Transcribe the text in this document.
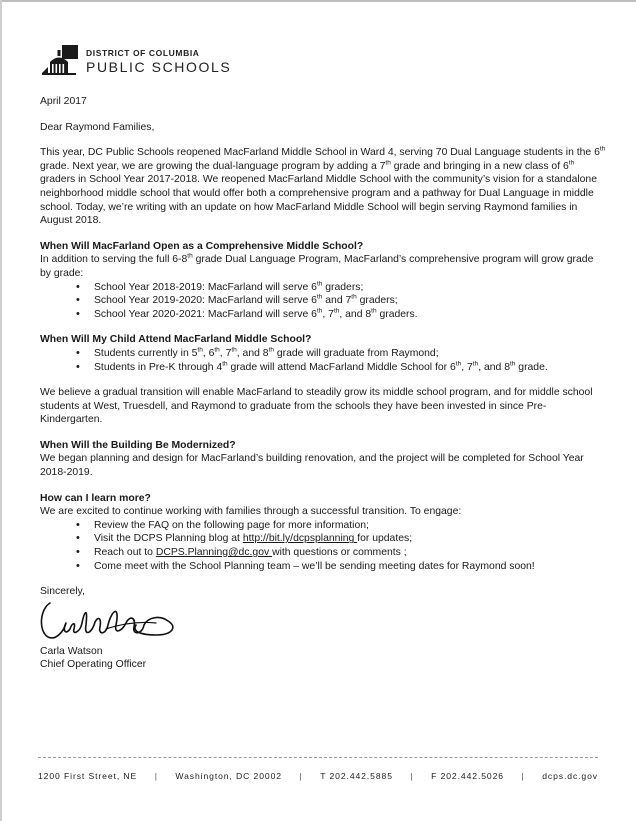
DISTRICT OF COLUMBIA
PUBLIC SCHOOLS

April 2017

Dear Raymond Families,

This year, DC Public Schools reopened MacFarland Middle School in Ward 4, serving 70 Dual Language students in the 6th grade. Next year, we are growing the dual-language program by adding a 7th grade and bringing in a new class of 6th graders in School Year 2017-2018. We reopened MacFarland Middle School with the community’s vision for a standalone neighborhood middle school that would offer both a comprehensive program and a pathway for Dual Language in middle school. Today, we’re writing with an update on how MacFarland Middle School will begin serving Raymond families in August 2018.

When Will MacFarland Open as a Comprehensive Middle School?

In addition to serving the full 6-8th grade Dual Language Program, MacFarland’s comprehensive program will grow grade by grade:

• School Year 2018-2019: MacFarland will serve 6th graders;
• School Year 2019-2020: MacFarland will serve 6th and 7th graders;
• School Year 2020-2021: MacFarland will serve 6th, 7th, and 8th graders.

When Will My Child Attend MacFarland Middle School?

• Students currently in 5th, 6th, 7th, and 8th grade will graduate from Raymond;
• Students in Pre-K through 4th grade will attend MacFarland Middle School for 6th, 7th, and 8th grade.

We believe a gradual transition will enable MacFarland to steadily grow its middle school program, and for middle school students at West, Truesdell, and Raymond to graduate from the schools they have been invested in since Pre-Kindergarten.

When Will the Building Be Modernized?

We began planning and design for MacFarland’s building renovation, and the project will be completed for School Year 2018-2019.

How can I learn more?

We are excited to continue working with families through a successful transition. To engage:

• Review the FAQ on the following page for more information;
• Visit the DCPS Planning blog at http://bit.ly/dcpsplanning for updates;
• Reach out to DCPS.Planning@dc.gov with questions or comments ;
• Come meet with the School Planning team – we’ll be sending meeting dates for Raymond soon!

Sincerely,

Carla Watson

Chief Operating Officer

1200 First Street, NE | Washington, DC 20002 | T 202.442.5885 | F 202.442.5026 | dcps.dc.gov
